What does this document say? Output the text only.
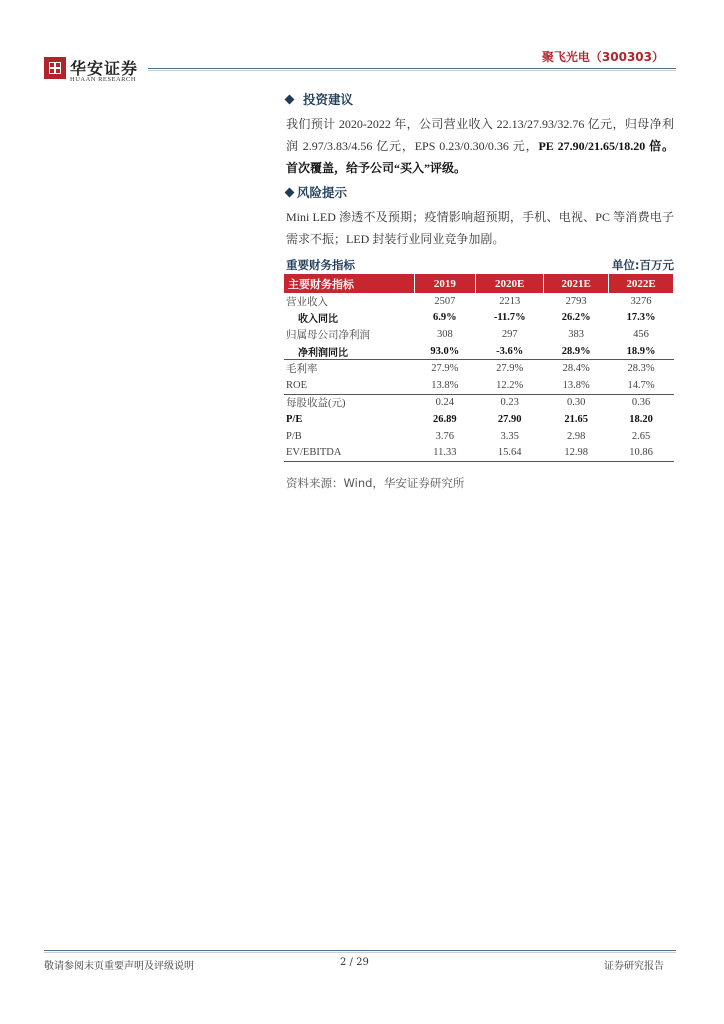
华安证券
HUAAN RESEARCH
聚飞光电（300303）
投资建议
我们预计 2020-2022 年，公司营业收入 22.13/27.93/32.76 亿元，归母净利润 2.97/3.83/4.56 亿元，EPS 0.23/0.30/0.36 元，PE 27.90/21.65/18.20 倍。首次覆盖，给予公司“买入”评级。
风险提示
Mini LED 渗透不及预期；疫情影响超预期，手机、电视、PC 等消费电子需求不振；LED 封装行业同业竞争加剧。
重要财务指标	单位:百万元
主要财务指标	2019	2020E	2021E	2022E
营业收入	2507	2213	2793	3276
收入同比	6.9%	-11.7%	26.2%	17.3%
归属母公司净利润	308	297	383	456
净利润同比	93.0%	-3.6%	28.9%	18.9%
毛利率	27.9%	27.9%	28.4%	28.3%
ROE	13.8%	12.2%	13.8%	14.7%
每股收益(元)	0.24	0.23	0.30	0.36
P/E	26.89	27.90	21.65	18.20
P/B	3.76	3.35	2.98	2.65
EV/EBITDA	11.33	15.64	12.98	10.86
资料来源：Wind，华安证券研究所
敬请参阅末页重要声明及评级说明	2 / 29	证券研究报告
